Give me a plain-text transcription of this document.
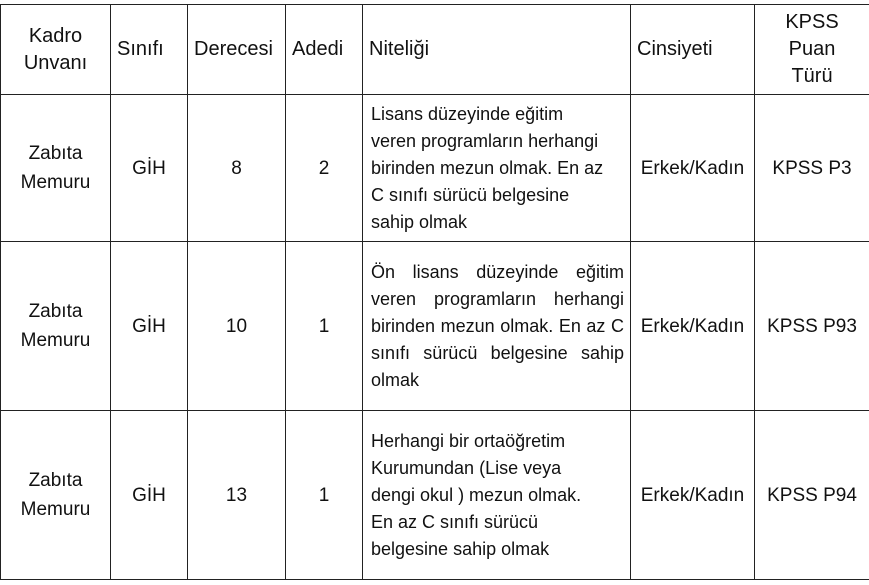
Kadro Unvanı	Sınıfı	Derecesi	Adedi	Niteliği	Cinsiyeti	KPSS Puan Türü
Zabıta Memuru	GİH	8	2	Lisans düzeyinde eğitim veren programların herhangi birinden mezun olmak. En az C sınıfı sürücü belgesine sahip olmak	Erkek/Kadın	KPSS P3
Zabıta Memuru	GİH	10	1	Ön lisans düzeyinde eğitim veren programların herhangi birinden mezun olmak. En az C sınıfı sürücü belgesine sahip olmak	Erkek/Kadın	KPSS P93
Zabıta Memuru	GİH	13	1	Herhangi bir ortaöğretim Kurumundan (Lise veya dengi okul ) mezun olmak. En az C sınıfı sürücü belgesine sahip olmak	Erkek/Kadın	KPSS P94
